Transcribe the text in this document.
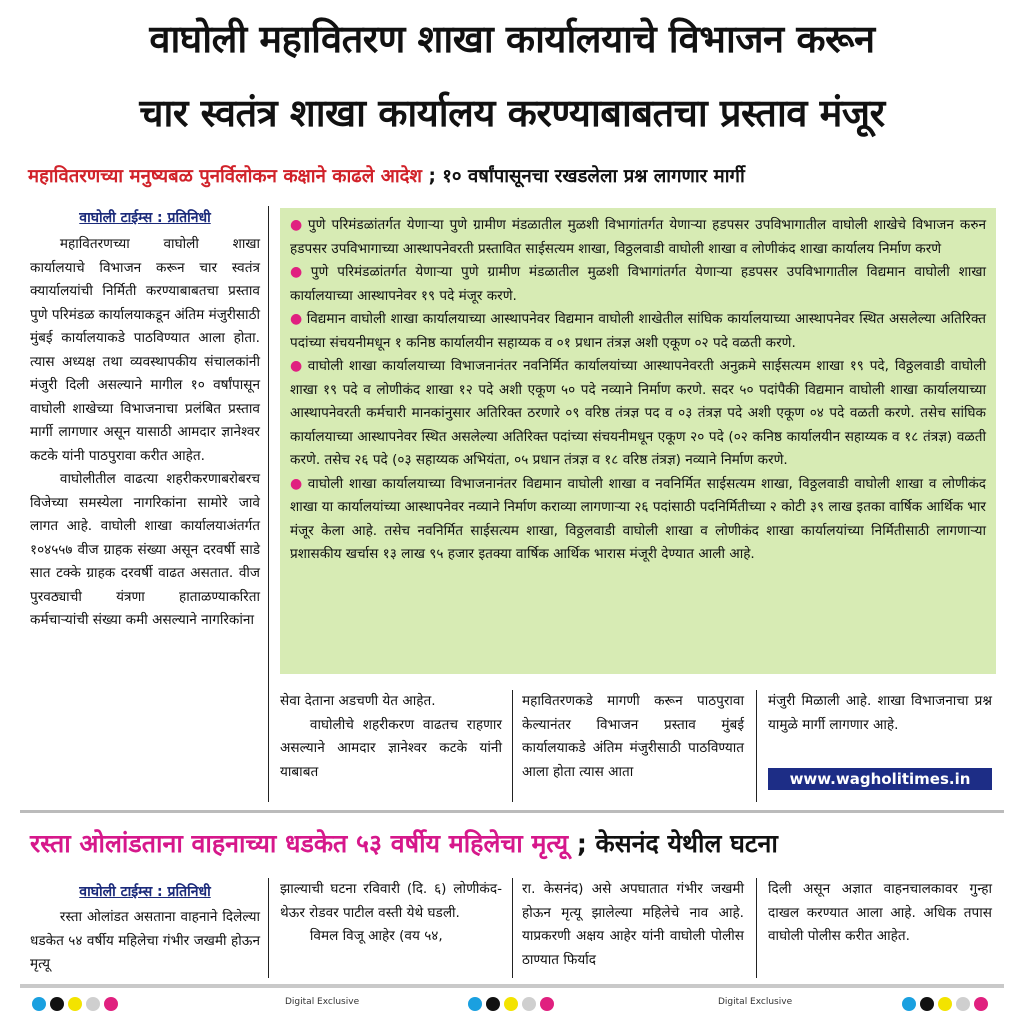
वाघोली महावितरण शाखा कार्यालयाचे विभाजन करून
चार स्वतंत्र शाखा कार्यालय करण्याबाबतचा प्रस्ताव मंजूर
महावितरणच्या मनुष्यबळ पुनर्विलोकन कक्षाने काढले आदेश ; १० वर्षांपासूनचा रखडलेला प्रश्न लागणार मार्गी
वाघोली टाईम्स : प्रतिनिधी

महावितरणच्या वाघोली शाखा कार्यालयाचे विभाजन करून चार स्वतंत्र क्यार्यालयांची निर्मिती करण्याबाबतचा प्रस्ताव पुणे परिमंडळ कार्यालयाकडून अंतिम मंजुरीसाठी मुंबई कार्यालयाकडे पाठविण्यात आला होता. त्यास अध्यक्ष तथा व्यवस्थापकीय संचालकांनी मंजुरी दिली असल्याने मागील १० वर्षांपासून वाघोली शाखेच्या विभाजनाचा प्रलंबित प्रस्ताव मार्गी लागणार असून यासाठी आमदार ज्ञानेश्वर कटके यांनी पाठपुरावा करीत आहेत.

वाघोलीतील वाढत्या शहरीकरणाबरोबरच विजेच्या समस्येला नागरिकांना सामोरे जावे लागत आहे. वाघोली शाखा कार्यालयाअंतर्गत १०४५५७ वीज ग्राहक संख्या असून दरवर्षी साडे सात टक्के ग्राहक दरवर्षी वाढत असतात. वीज पुरवठ्याची यंत्रणा हाताळण्याकरिता कर्मचाऱ्यांची संख्या कमी असल्याने नागरिकांना

● पुणे परिमंडळांतर्गत येणाऱ्या पुणे ग्रामीण मंडळातील मुळशी विभागांतर्गत येणाऱ्या हडपसर उपविभागातील वाघोली शाखेचे विभाजन करुन हडपसर उपविभागाच्या आस्थापनेवरती प्रस्तावित साईसत्यम शाखा, विठ्ठलवाडी वाघोली शाखा व लोणीकंद शाखा कार्यालय निर्माण करणे
● पुणे परिमंडळांतर्गत येणाऱ्या पुणे ग्रामीण मंडळातील मुळशी विभागांतर्गत येणाऱ्या हडपसर उपविभागातील विद्यमान वाघोली शाखा कार्यालयाच्या आस्थापनेवर १९ पदे मंजूर करणे.
● विद्यमान वाघोली शाखा कार्यालयाच्या आस्थापनेवर विद्यमान वाघोली शाखेतील सांघिक कार्यालयाच्या आस्थापनेवर स्थित असलेल्या अतिरिक्त पदांच्या संचयनीमधून १ कनिष्ठ कार्यालयीन सहाय्यक व ०१ प्रधान तंत्रज्ञ अशी एकूण ०२ पदे वळती करणे.
● वाघोली शाखा कार्यालयाच्या विभाजनानंतर नवनिर्मित कार्यालयांच्या आस्थापनेवरती अनुक्रमे साईसत्यम शाखा १९ पदे, विठ्ठलवाडी वाघोली शाखा १९ पदे व लोणीकंद शाखा १२ पदे अशी एकूण ५० पदे नव्याने निर्माण करणे. सदर ५० पदांपैकी विद्यमान वाघोली शाखा कार्यालयाच्या आस्थापनेवरती कर्मचारी मानकांनुसार अतिरिक्त ठरणारे ०९ वरिष्ठ तंत्रज्ञ पद व ०३ तंत्रज्ञ पदे अशी एकूण ०४ पदे वळती करणे. तसेच सांघिक कार्यालयाच्या आस्थापनेवर स्थित असलेल्या अतिरिक्त पदांच्या संचयनीमधून एकूण २० पदे (०२ कनिष्ठ कार्यालयीन सहाय्यक व १८ तंत्रज्ञ) वळती करणे. तसेच २६ पदे (०३ सहाय्यक अभियंता, ०५ प्रधान तंत्रज्ञ व १८ वरिष्ठ तंत्रज्ञ) नव्याने निर्माण करणे.
● वाघोली शाखा कार्यालयाच्या विभाजनानंतर विद्यमान वाघोली शाखा व नवनिर्मित साईसत्यम शाखा, विठ्ठलवाडी वाघोली शाखा व लोणीकंद शाखा या कार्यालयांच्या आस्थापनेवर नव्याने निर्माण कराव्या लागणाऱ्या २६ पदांसाठी पदनिर्मितीच्या २ कोटी ३९ लाख इतका वार्षिक आर्थिक भार मंजूर केला आहे. तसेच नवनिर्मित साईसत्यम शाखा, विठ्ठलवाडी वाघोली शाखा व लोणीकंद शाखा कार्यालयांच्या निर्मितीसाठी लागणाऱ्या प्रशासकीय खर्चास १३ लाख ९५ हजार इतक्या वार्षिक आर्थिक भारास मंजूरी देण्यात आली आहे.
सेवा देताना अडचणी येत आहेत.

वाघोलीचे शहरीकरण वाढतच राहणार असल्याने आमदार ज्ञानेश्वर कटके यांनी याबाबत

महावितरणकडे मागणी करून पाठपुरावा केल्यानंतर विभाजन प्रस्ताव मुंबई कार्यालयाकडे अंतिम मंजुरीसाठी पाठविण्यात आला होता त्यास आता
मंजुरी मिळाली आहे. शाखा विभाजनाचा प्रश्न यामुळे मार्गी लागणार आहे.
www.wagholitimes.in
रस्ता ओलांडताना वाहनाच्या धडकेत ५३ वर्षीय महिलेचा मृत्यू ; केसनंद येथील घटना
वाघोली टाईम्स : प्रतिनिधी

रस्ता ओलांडत असताना वाहनाने दिलेल्या धडकेत ५४ वर्षीय महिलेचा गंभीर जखमी होऊन मृत्यू

झाल्याची घटना रविवारी (दि. ६) लोणीकंद-थेऊर रोडवर पाटील वस्ती येथे घडली.

विमल विजू आहेर (वय ५४,

रा. केसनंद) असे अपघातात गंभीर जखमी होऊन मृत्यू झालेल्या महिलेचे नाव आहे. याप्रकरणी अक्षय आहेर यांनी वाघोली पोलीस ठाण्यात फिर्याद
दिली असून अज्ञात वाहनचालकावर गुन्हा दाखल करण्यात आला आहे. अधिक तपास वाघोली पोलीस करीत आहेत.
Digital Exclusive	Digital Exclusive
